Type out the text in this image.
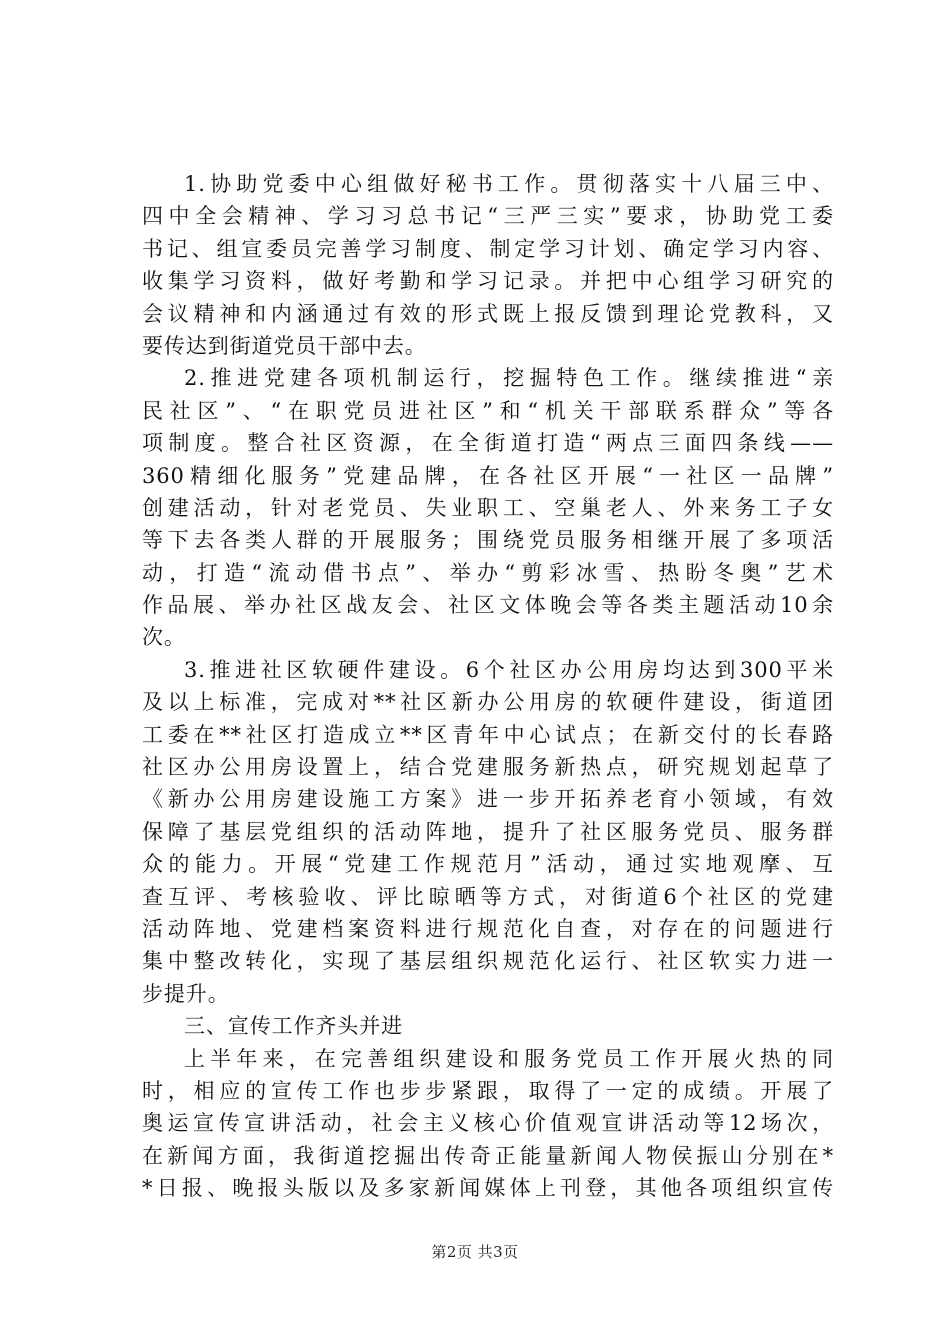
1.协助党委中心组做好秘书工作。贯彻落实十八届三中、
四中全会精神、学习习总书记“三严三实”要求，协助党工委
书记、组宣委员完善学习制度、制定学习计划、确定学习内容、
收集学习资料，做好考勤和学习记录。并把中心组学习研究的
会议精神和内涵通过有效的形式既上报反馈到理论党教科，又
要传达到街道党员干部中去。
2.推进党建各项机制运行，挖掘特色工作。继续推进“亲
民社区”、“在职党员进社区”和“机关干部联系群众”等各
项制度。整合社区资源，在全街道打造“两点三面四条线——
360精细化服务”党建品牌，在各社区开展“一社区一品牌”
创建活动，针对老党员、失业职工、空巢老人、外来务工子女
等下去各类人群的开展服务；围绕党员服务相继开展了多项活
动，打造“流动借书点”、举办“剪彩冰雪、热盼冬奥”艺术
作品展、举办社区战友会、社区文体晚会等各类主题活动10余
次。
3.推进社区软硬件建设。6个社区办公用房均达到300平米
及以上标准，完成对**社区新办公用房的软硬件建设，街道团
工委在**社区打造成立**区青年中心试点；在新交付的长春路
社区办公用房设置上，结合党建服务新热点，研究规划起草了
《新办公用房建设施工方案》进一步开拓养老育小领域，有效
保障了基层党组织的活动阵地，提升了社区服务党员、服务群
众的能力。开展“党建工作规范月”活动，通过实地观摩、互
查互评、考核验收、评比晾晒等方式，对街道6个社区的党建
活动阵地、党建档案资料进行规范化自查，对存在的问题进行
集中整改转化，实现了基层组织规范化运行、社区软实力进一
步提升。
三、宣传工作齐头并进
上半年来，在完善组织建设和服务党员工作开展火热的同
时，相应的宣传工作也步步紧跟，取得了一定的成绩。开展了
奥运宣传宣讲活动，社会主义核心价值观宣讲活动等12场次，
在新闻方面，我街道挖掘出传奇正能量新闻人物侯振山分别在*
*日报、晚报头版以及多家新闻媒体上刊登，其他各项组织宣传
第2页 共3页
